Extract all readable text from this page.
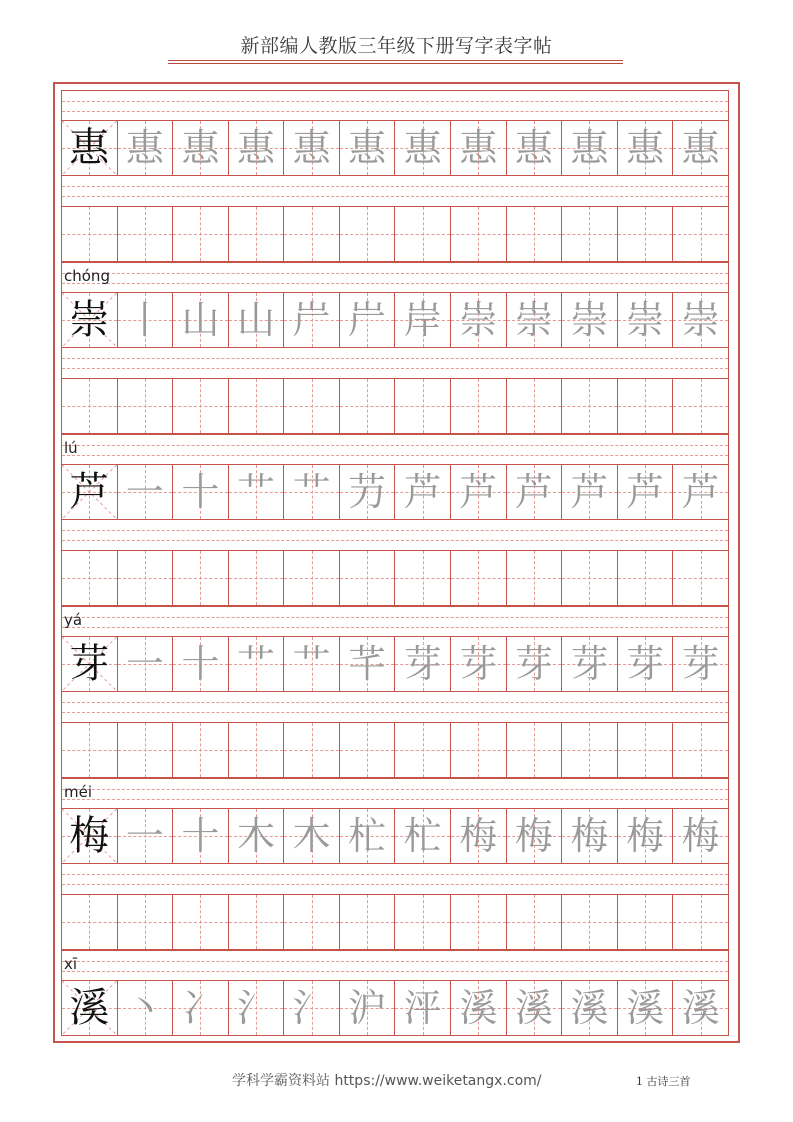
新部编人教版三年级下册写字表字帖
惠 惠 惠 惠 惠 惠 惠 惠 惠 惠 惠 惠
chóng
崇 丨 山 山 屵 屵 岸 崇 崇 崇 崇 崇
lú
芦 一 十 艹 艹 芀 芦 芦 芦 芦 芦 芦
yá
芽 一 十 艹 艹 芊 芽 芽 芽 芽 芽 芽
méi
梅 一 十 木 木 杧 杧 梅 梅 梅 梅 梅
xī
溪 丶 冫 氵 氵 沪 泙 溪 溪 溪 溪 溪
学科学霸资料站 https://www.weiketangx.com/	1 古诗三首
